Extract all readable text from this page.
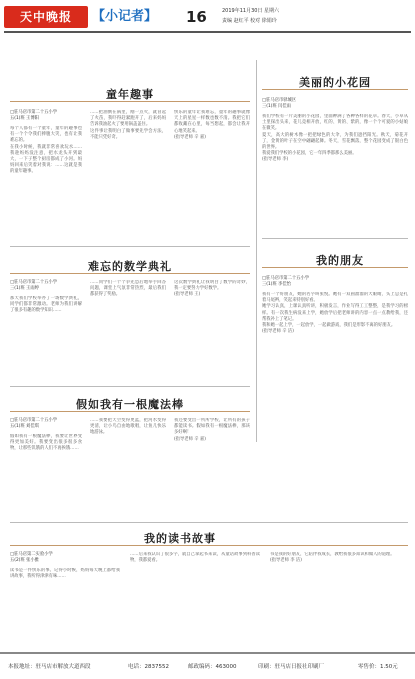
天中晚报	【小记者】 16	2019年11月30日 星期六
责编 赵红平 校对 徐娟玲
童年趣事
□驻马店市第二十五小学
五(1)班 王博阳
每个人都有一个童年，童年的趣事也有一个个令我们捧腹大笑，也有让我难忘的。
在我小时候，我就非常喜欢玩水……我趁妈妈没注意，把水龙头开到最大，一下子整个厨房都成了小河。妈妈回来后笑着对我说：……这就是我的童年趣事。
……把油倒在锅里，刚一点火，就冒起了火苗，我吓得赶紧跑开了，后来妈妈告诉我油起火了要用锅盖盖住。
这件事让我明白了做事要先学会方法，不能只凭好奇。
快乐的童年让我难忘，童年的趣事就像天上的星星一样数也数不清。我把它们都收藏在心里，每当想起，都会让我开心地笑起来。
(指导老师 辛 嘉)
美丽的小花园
□驻马店市驿城区
三(1)班 闫佳雨
我们学校有一片美丽的小花园，里面种满了各种各样的花草。春天，小草从土里探出头来，花儿竞相开放，红的、黄的、紫的，像一个个可爱的小姑娘在微笑。
夏天，高大的树木像一把把绿色的大伞，为我们遮挡阳光。秋天，菊花开了，金黄的叶子在空中翩翩起舞。冬天，雪花飘落，整个花园变成了银白色的世界。
我爱我们学校的小花园，它一年四季都那么美丽。
(指导老师 李)
难忘的数学典礼
□驻马店市第二十五小学
三(1)班 王雨婷
那天我们学校举办了一场数学典礼，同学们都非常激动。老师为我们讲解了很多有趣的数学知识……
……同学们一个个争先恐后地举手回答问题，课堂上气氛非常热烈，最后我们都获得了奖励。
这次数学典礼让我明白了数学的奇妙，我一定要努力学好数学。
(指导老师 王)
我的朋友
□驻马店市第二十五小学
三(1)班 李佳怡
我有一个好朋友，她的名字叫张悦。她有一双圆溜溜的大眼睛，头上总是扎着马尾辫，笑起来特别好看。
她学习认真，上课认真听讲，积极发言，作业写得工工整整，是我学习的榜样。有一次我生病没来上学，她放学后把老师讲的内容一点一点教给我，还帮我补上了笔记。
我和她一起上学，一起放学，一起做游戏，我们是形影不离的好朋友。
(指导老师 辛 洁)
假如我有一根魔法棒
□驻马店市第二十五小学
五(1)班 刘佳琪
假如我有一根魔法棒，我要让世界变得更加美好。我要变出很多很多食物，让那些饥饿的人们不再挨饿……
……我要把天空变得更蓝，把河水变得更清，让小鸟自由地歌唱，让鱼儿快乐地游泳。
我还要变出一所所学校，让所有的孩子都能读书。假如我有一根魔法棒，那该多好啊！
(指导老师 辛 嘉)
我的读书故事
□驻马店第二实验小学
五(2)班 张小雅
读书是一件快乐的事。记得小时候，妈妈每天晚上都给我讲故事，我听得津津有味……
……后来我认识了很多字，就自己拿起书来读，从童话故事到科普读物，我都爱看。
书是我的好朋友，它陪伴我成长，教给我很多知识和做人的道理。
(指导老师 李 洁)
本报地址：驻马店市解放大道西段	电话：2837552	邮政编码：463000	印刷：驻马店日报社印刷厂	零售价：1.50元
